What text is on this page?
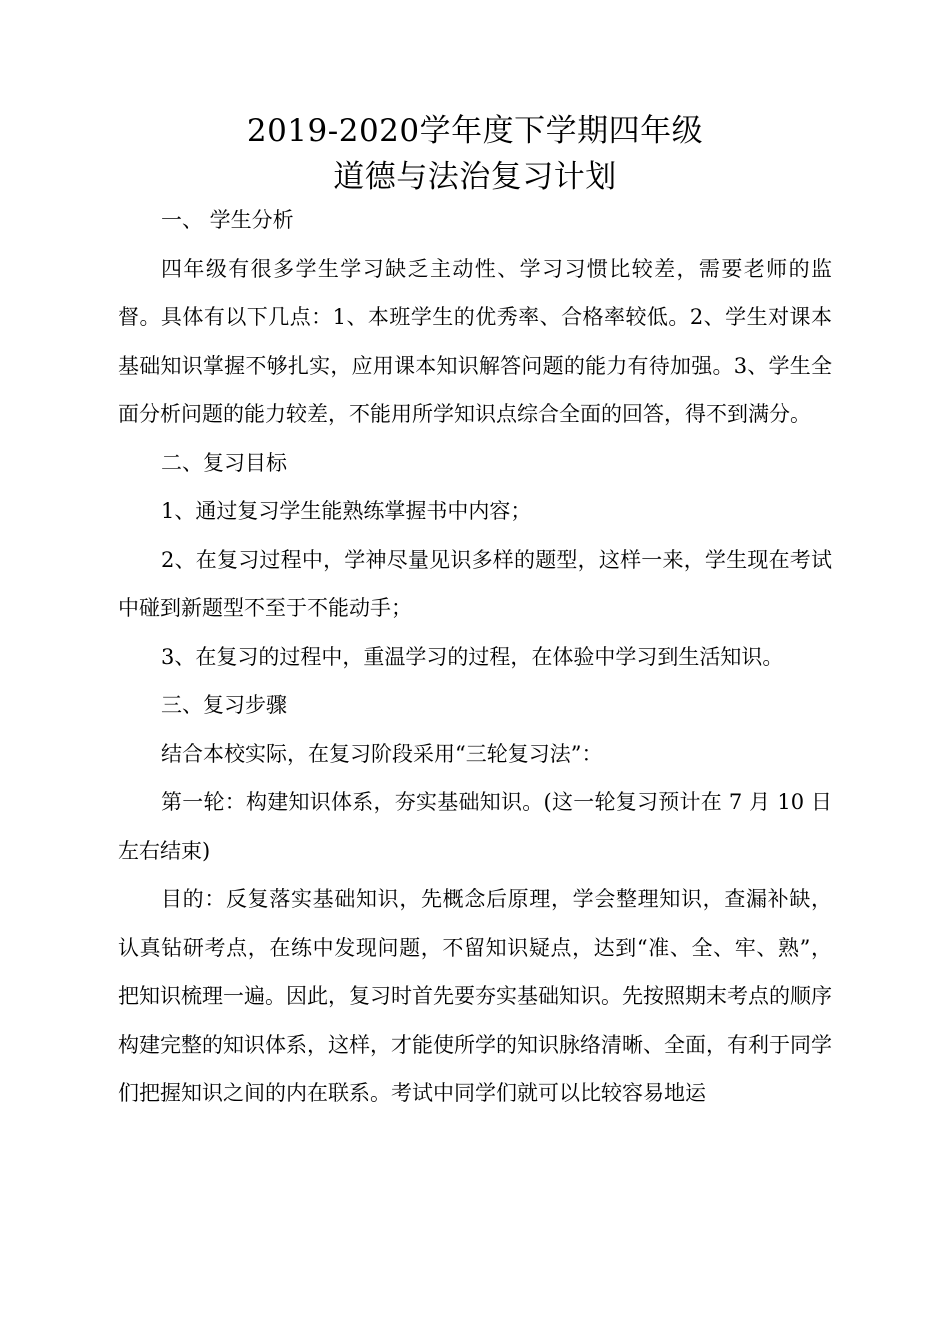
2019-2020学年度下学期四年级
道德与法治复习计划

一、 学生分析

四年级有很多学生学习缺乏主动性、学习习惯比较差，需要老师的监督。具体有以下几点：1、本班学生的优秀率、合格率较低。2、学生对课本基础知识掌握不够扎实，应用课本知识解答问题的能力有待加强。3、学生全面分析问题的能力较差，不能用所学知识点综合全面的回答，得不到满分。

二、复习目标

1、通过复习学生能熟练掌握书中内容；

2、在复习过程中，学神尽量见识多样的题型，这样一来，学生现在考试中碰到新题型不至于不能动手；

3、在复习的过程中，重温学习的过程，在体验中学习到生活知识。

三、复习步骤

结合本校实际，在复习阶段采用“三轮复习法”：

第一轮：构建知识体系，夯实基础知识。(这一轮复习预计在 7 月 10 日左右结束)

目的：反复落实基础知识，先概念后原理，学会整理知识，查漏补缺，认真钻研考点，在练中发现问题，不留知识疑点，达到“准、全、牢、熟”，把知识梳理一遍。因此，复习时首先要夯实基础知识。先按照期末考点的顺序构建完整的知识体系，这样，才能使所学的知识脉络清晰、全面，有利于同学们把握知识之间的内在联系。考试中同学们就可以比较容易地运
